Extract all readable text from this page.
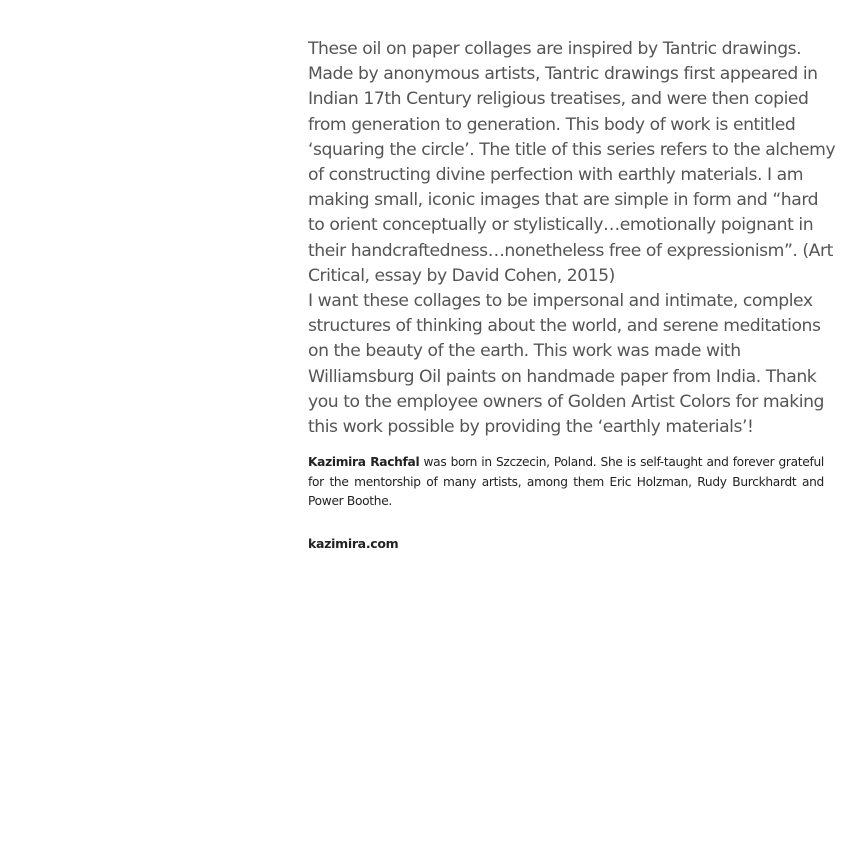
These oil on paper collages are inspired by Tantric drawings.
Made by anonymous artists, Tantric drawings first appeared in
Indian 17th Century religious treatises, and were then copied
from generation to generation. This body of work is entitled
‘squaring the circle’. The title of this series refers to the alchemy
of constructing divine perfection with earthly materials. I am
making small, iconic images that are simple in form and “hard
to orient conceptually or stylistically…emotionally poignant in
their handcraftedness…nonetheless free of expressionism”. (Art
Critical, essay by David Cohen, 2015)
I want these collages to be impersonal and intimate, complex
structures of thinking about the world, and serene meditations
on the beauty of the earth. This work was made with
Williamsburg Oil paints on handmade paper from India. Thank
you to the employee owners of Golden Artist Colors for making
this work possible by providing the ‘earthly materials’!

Kazimira Rachfal was born in Szczecin, Poland. She is self-taught and forever grateful for the mentorship of many artists, among them Eric Holzman, Rudy Burckhardt and Power Boothe.

kazimira.com
